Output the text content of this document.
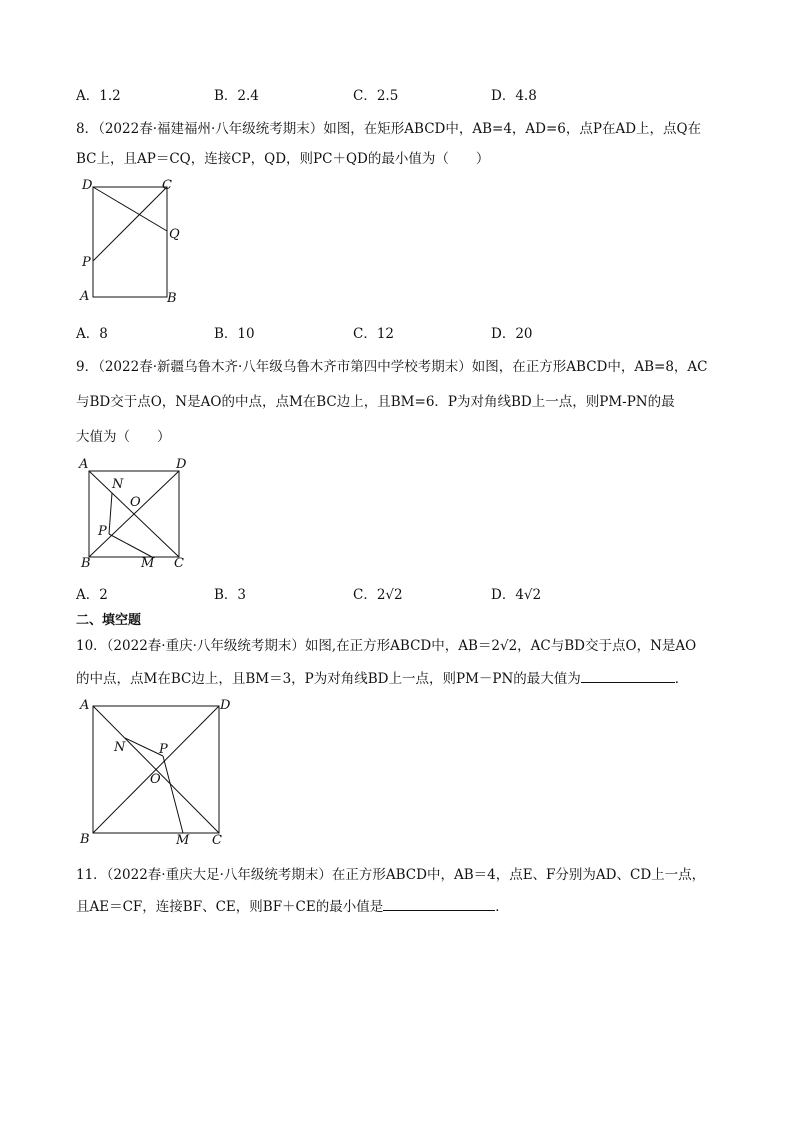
A．1.2	B．2.4	C．2.5	D．4.8
8．（2022春·福建福州·八年级统考期末）如图，在矩形ABCD中，AB=4，AD=6，点P在AD上，点Q在
BC上，且AP＝CQ，连接CP，QD，则PC＋QD的最小值为（　　）
D	C
Q
P
A	B
A．8	B．10	C．12	D．20
9．（2022春·新疆乌鲁木齐·八年级乌鲁木齐市第四中学校考期末）如图，在正方形ABCD中，AB=8，AC
与BD交于点O，N是AO的中点，点M在BC边上，且BM=6．P为对角线BD上一点，则PM-PN的最
大值为（　　）
A	D
N
O
P
B	M C
A．2	B．3	C．2√2	D．4√2
二、填空题
10．（2022春·重庆·八年级统考期末）如图,在正方形ABCD中，AB＝2√2，AC与BD交于点O，N是AO
的中点，点M在BC边上，且BM＝3，P为对角线BD上一点，则PM－PN的最大值为	．
A	D
N	P
O
B	M C
11．（2022春·重庆大足·八年级统考期末）在正方形ABCD中，AB＝4，点E、F分别为AD、CD上一点，
且AE＝CF，连接BF、CE，则BF＋CE的最小值是	．
